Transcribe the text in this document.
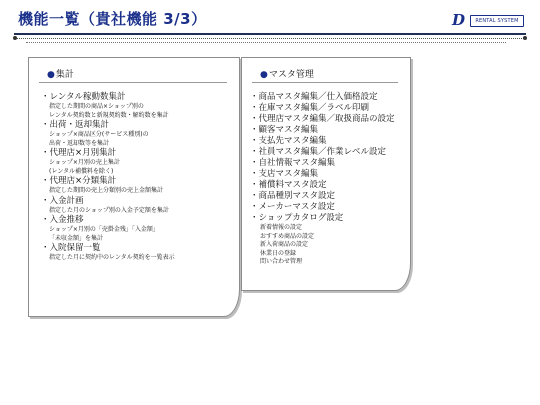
機能一覧（貴社機能 3/3）	D	RENTAL SYSTEM
●集計
・レンタル稼動数集計
指定した期間の商品×ショップ別の
レンタル契約数と新規契約数・解約数を集計
・出荷・返却集計
ショップ×商品区分(サービス種別)の
出荷・返却数等を集計
・代理店×月別集計
ショップ×月別の売上集計
(レンタル補償料を除く)
・代理店×分類集計
指定した期間の売上分類別の売上金額集計
・入金計画
指定した月のショップ別の入金予定額を集計
・入金推移
ショップ×月別の「売掛金残」「入金額」
「未収金額」を集計
・入院保留一覧
指定した月に契約中のレンタル契約を一覧表示
●マスタ管理
・商品マスタ編集／仕入価格設定
・在庫マスタ編集／ラベル印刷
・代理店マスタ編集／取扱商品の設定
・顧客マスタ編集
・支払先マスタ編集
・社員マスタ編集／作業レベル設定
・自社情報マスタ編集
・支店マスタ編集
・補償料マスタ設定
・商品種別マスタ設定
・メーカーマスタ設定
・ショップカタログ設定
新着情報の設定
おすすめ商品の設定
新入荷商品の設定
休業日の登録
問い合わせ管理
